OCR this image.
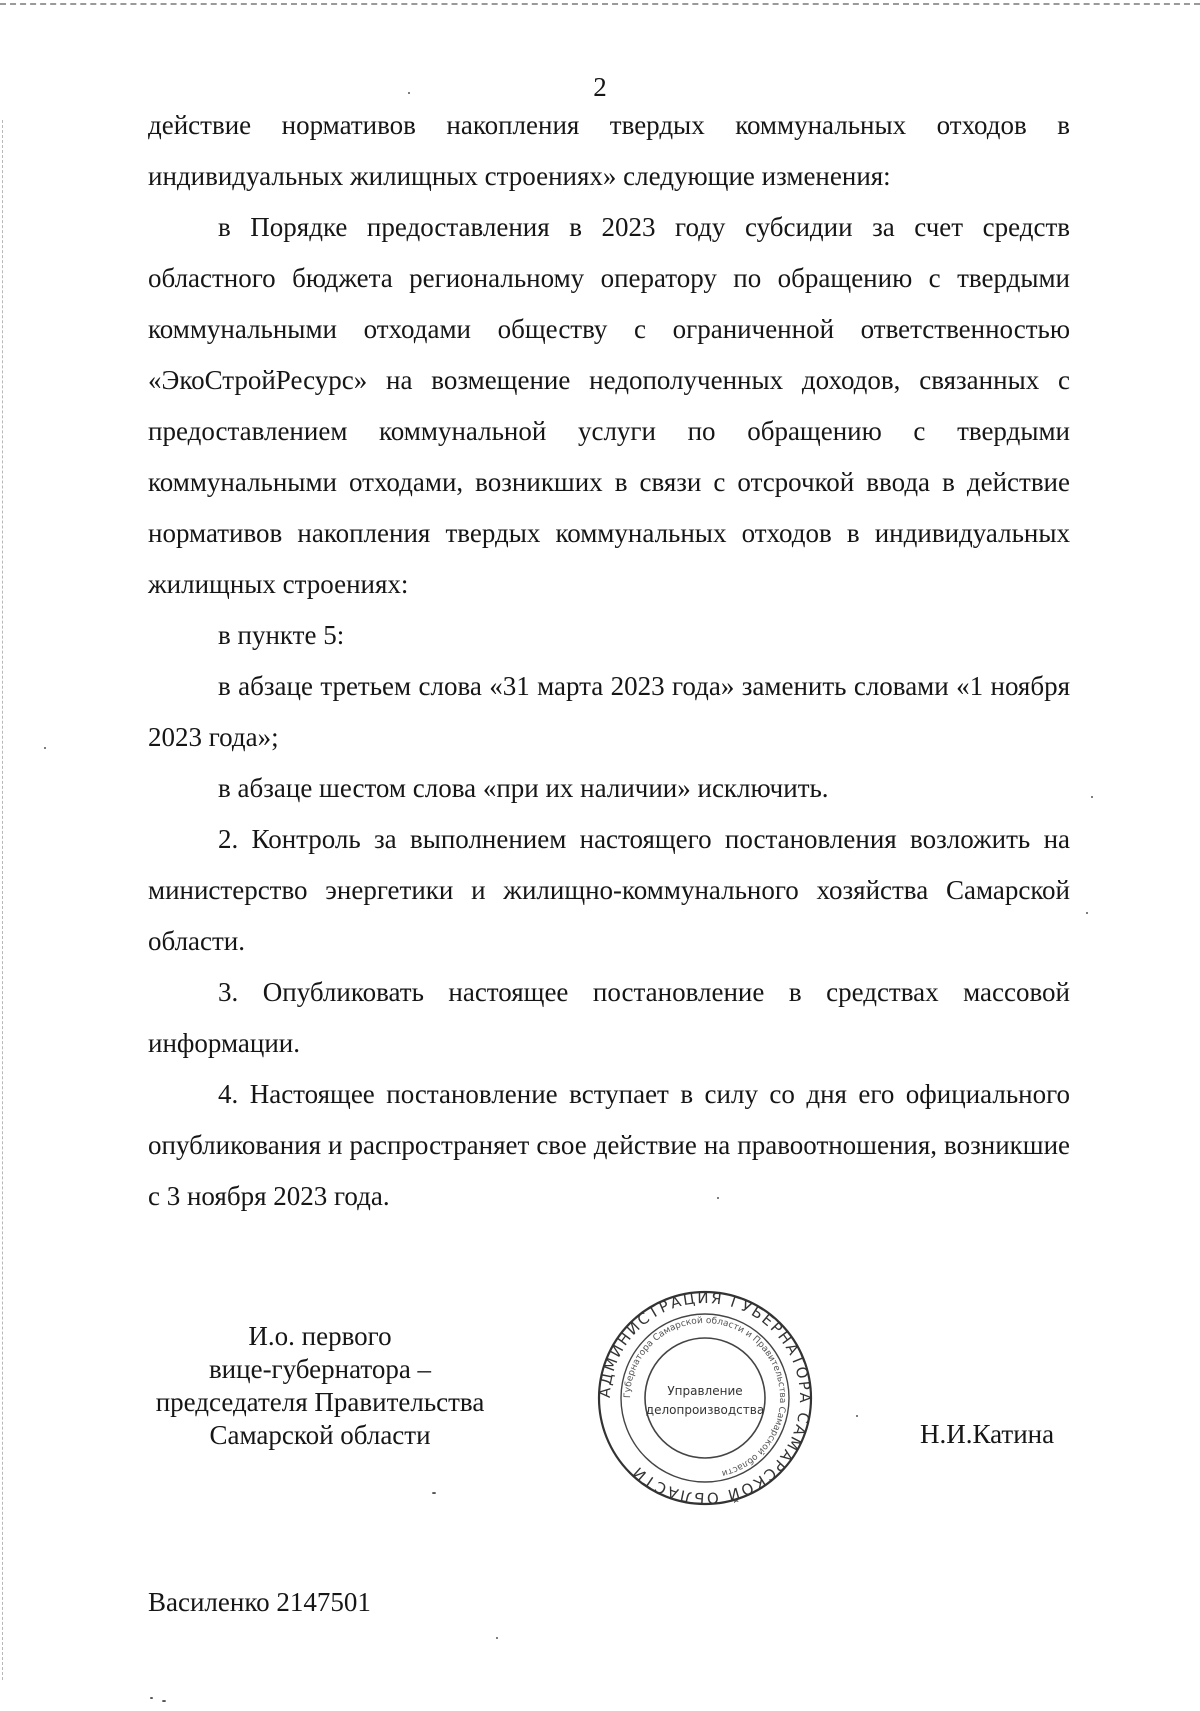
2

действие нормативов накопления твердых коммунальных отходов в индивидуальных жилищных строениях» следующие изменения:

в Порядке предоставления в 2023 году субсидии за счет средств областного бюджета региональному оператору по обращению с твердыми коммунальными отходами обществу с ограниченной ответственностью «ЭкоСтройРесурс» на возмещение недополученных доходов, связанных с предоставлением коммунальной услуги по обращению с твердыми коммунальными отходами, возникших в связи с отсрочкой ввода в действие нормативов накопления твердых коммунальных отходов в индивидуальных жилищных строениях:

в пункте 5:

в абзаце третьем слова «31 марта 2023 года» заменить словами «1 ноября 2023 года»;

в абзаце шестом слова «при их наличии» исключить.

2. Контроль за выполнением настоящего постановления возложить на министерство энергетики и жилищно-коммунального хозяйства Самарской области.

3. Опубликовать настоящее постановление в средствах массовой информации.

4. Настоящее постановление вступает в силу со дня его официального опубликования и распространяет свое действие на правоотношения, возникшие с 3 ноября 2023 года.

И.о. первого
вице-губернатора –
председателя Правительства
Самарской области
АДМИНИСТРАЦИЯ ГУБЕРНАТОРА САМАРСКОЙ ОБЛАСТИ
Губернатора Самарской области и Правительства Самарской области
Управление
делопроизводства
Н.И.Катина
Василенко 2147501
